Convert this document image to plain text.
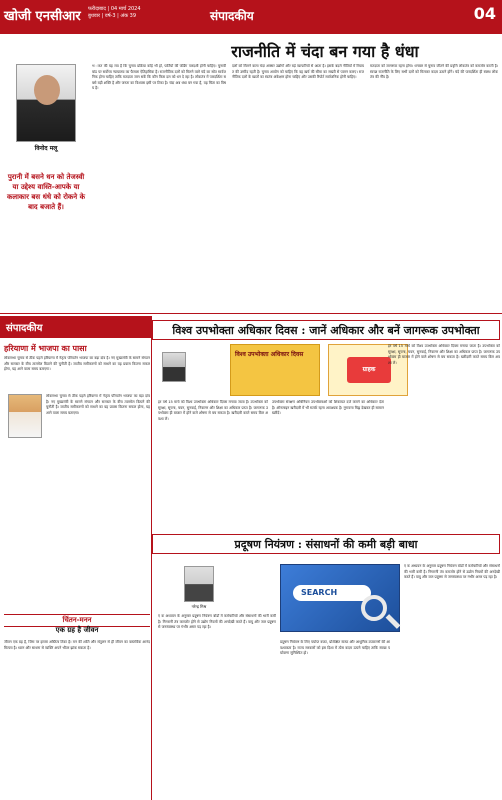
खोजी एनसीआर फरीदाबाद | 04 मार्च 2024
बुधवार | वर्ष-3 | अंक 39	संपादकीय	04
राजनीति में चंदा बन गया है धंधा
विनोद मलू
पुरानी में बसने धन को तेजस्वी या उद्देश्य वास्ति-आपके या कलाकार बस धंधे को रोकने के बाद बजाते हैं।
भ ारत की यह राय है कि चुनाव प्रक्रिया कोई भी हो, पार्टियों की फंडिंग पारदर्शी होनी चाहिए। चुनावी बांड पर सर्वोच्च न्यायालय का फैसला ऐतिहासिक है। राजनीतिक दलों को मिलने वाले चंदे का स्रोत सार्वजनिक होना चाहिए ताकि मतदाता जान सकें कि कौन किस दल को धन दे रहा है। लोकतंत्र में पारदर्शिता सबसे बड़ी शक्ति है और जनता का विश्वास इसी पर टिका है। चंदा अब धंधा बन गया है, यह चिंता का विषय है।
दलों को मिलने वाला चंदा अक्सर उद्योगों और बड़े व्यापारियों से आता है। इसके बदले नीतियों में रियायत की उम्मीद रहती है। चुनाव आयोग को चाहिए कि वह खर्च की सीमा का सख्ती से पालन कराए। राजनीतिक दलों के खातों का स्वतंत्र अंकेक्षण होना चाहिए और उसकी रिपोर्ट सार्वजनिक होनी चाहिए।
मतदाता को जागरूक रहना होगा। धनबल से चुनाव जीतने की प्रवृत्ति लोकतंत्र को कमजोर करती है। स्वच्छ राजनीति के लिए सभी दलों को मिलकर कदम उठाने होंगे। चंदे की पारदर्शिता ही स्वस्थ लोकतंत्र की नींव है।
संपादकीय
हरियाणा में भाजपा का पासा
लोकसभा चुनाव से ठीक पहले हरियाणा में नेतृत्व परिवर्तन भाजपा का बड़ा दांव है। नए मुख्यमंत्री के सामने संगठन और सरकार के बीच तालमेल बिठाने की चुनौती है। जातीय समीकरणों को साधने का यह प्रयास कितना सफल होगा, यह आने वाला समय बताएगा।
लोकसभा चुनाव से ठीक पहले हरियाणा में नेतृत्व परिवर्तन भाजपा का बड़ा दांव है। नए मुख्यमंत्री के सामने संगठन और सरकार के बीच तालमेल बिठाने की चुनौती है। जातीय समीकरणों को साधने का यह प्रयास कितना सफल होगा, यह आने वाला समय बताएगा।
चिंतन-मनन
एक ग्रह है जीवन
जीवन एक ग्रह है, जिस पर हमारा अस्तित्व टिका है। मन की शांति और संतुलन से ही जीवन का वास्तविक आनंद मिलता है। ध्यान और साधना से व्यक्ति अपने भीतर झांक सकता है।
विश्व उपभोक्ता अधिकार दिवस : जानें अधिकार और बनें जागरूक उपभोक्ता
विश्व उपभोक्ता अधिकार दिवस
ग्राहक
हर वर्ष 15 मार्च को विश्व उपभोक्ता अधिकार दिवस मनाया जाता है। उपभोक्ता को सुरक्षा, सूचना, चयन, सुनवाई, निवारण और शिक्षा का अधिकार प्राप्त है। जागरूक उपभोक्ता ही बाजार में होने वाले शोषण से बच सकता है। खरीदारी करते समय बिल अवश्य लें।
उपभोक्ता संरक्षण अधिनियम उपभोक्ताओं को शिकायत दर्ज कराने का अधिकार देता है। ऑनलाइन खरीदारी में भी सतर्क रहना आवश्यक है। गुणवत्ता चिह्न देखकर ही सामान खरीदें।
हर वर्ष 15 मार्च को विश्व उपभोक्ता अधिकार दिवस मनाया जाता है। उपभोक्ता को सुरक्षा, सूचना, चयन, सुनवाई, निवारण और शिक्षा का अधिकार प्राप्त है। जागरूक उपभोक्ता ही बाजार में होने वाले शोषण से बच सकता है। खरीदारी करते समय बिल अवश्य लें।
प्रदूषण नियंत्रण : संसाधनों की कमी बड़ी बाधा
नरेन्द्र मिश्र
SEARCH
ए क अध्ययन के अनुसार प्रदूषण नियंत्रण बोर्डों में कर्मचारियों और संसाधनों की भारी कमी है। निगरानी तंत्र कमजोर होने से उद्योग नियमों की अनदेखी करते हैं। वायु और जल प्रदूषण से जनस्वास्थ्य पर गंभीर असर पड़ रहा है।
प्रदूषण नियंत्रण के लिए पर्याप्त बजट, प्रशिक्षित स्टाफ और आधुनिक उपकरणों की आवश्यकता है। राज्य सरकारों को इस दिशा में ठोस कदम उठाने चाहिए ताकि स्वच्छ पर्यावरण सुनिश्चित हो।
ए क अध्ययन के अनुसार प्रदूषण नियंत्रण बोर्डों में कर्मचारियों और संसाधनों की भारी कमी है। निगरानी तंत्र कमजोर होने से उद्योग नियमों की अनदेखी करते हैं। वायु और जल प्रदूषण से जनस्वास्थ्य पर गंभीर असर पड़ रहा है।
